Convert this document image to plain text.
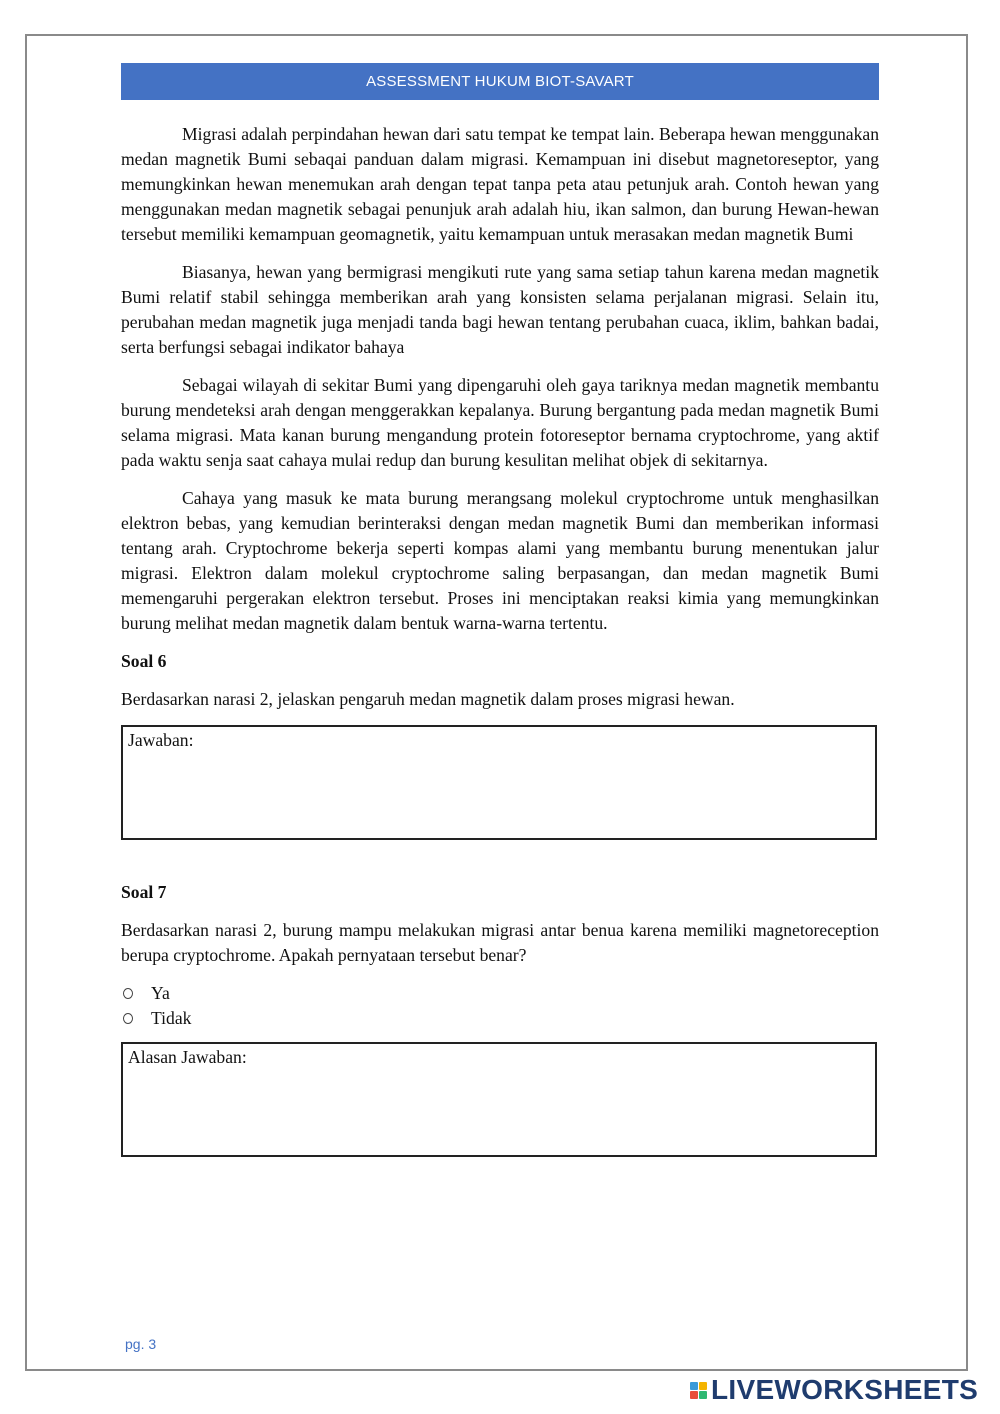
ASSESSMENT HUKUM BIOT-SAVART

Migrasi adalah perpindahan hewan dari satu tempat ke tempat lain. Beberapa hewan menggunakan medan magnetik Bumi sebaqai panduan dalam migrasi. Kemampuan ini disebut magnetoreseptor, yang memungkinkan hewan menemukan arah dengan tepat tanpa peta atau petunjuk arah. Contoh hewan yang menggunakan medan magnetik sebagai penunjuk arah adalah hiu, ikan salmon, dan burung Hewan-hewan tersebut memiliki kemampuan geomagnetik, yaitu kemampuan untuk merasakan medan magnetik Bumi

Biasanya, hewan yang bermigrasi mengikuti rute yang sama setiap tahun karena medan magnetik Bumi relatif stabil sehingga memberikan arah yang konsisten selama perjalanan migrasi. Selain itu, perubahan medan magnetik juga menjadi tanda bagi hewan tentang perubahan cuaca, iklim, bahkan badai, serta berfungsi sebagai indikator bahaya

Sebagai wilayah di sekitar Bumi yang dipengaruhi oleh gaya tariknya medan magnetik membantu burung mendeteksi arah dengan menggerakkan kepalanya. Burung bergantung pada medan magnetik Bumi selama migrasi. Mata kanan burung mengandung protein fotoreseptor bernama cryptochrome, yang aktif pada waktu senja saat cahaya mulai redup dan burung kesulitan melihat objek di sekitarnya.

Cahaya yang masuk ke mata burung merangsang molekul cryptochrome untuk menghasilkan elektron bebas, yang kemudian berinteraksi dengan medan magnetik Bumi dan memberikan informasi tentang arah. Cryptochrome bekerja seperti kompas alami yang membantu burung menentukan jalur migrasi. Elektron dalam molekul cryptochrome saling berpasangan, dan medan magnetik Bumi memengaruhi pergerakan elektron tersebut. Proses ini menciptakan reaksi kimia yang memungkinkan burung melihat medan magnetik dalam bentuk warna-warna tertentu.

Soal 6
Berdasarkan narasi 2, jelaskan pengaruh medan magnetik dalam proses migrasi hewan.
Jawaban:
Soal 7
Berdasarkan narasi 2, burung mampu melakukan migrasi antar benua karena memiliki magnetoreception berupa cryptochrome. Apakah pernyataan tersebut benar?
Ya
Tidak
Alasan Jawaban:
pg. 3
LIVEWORKSHEETS
